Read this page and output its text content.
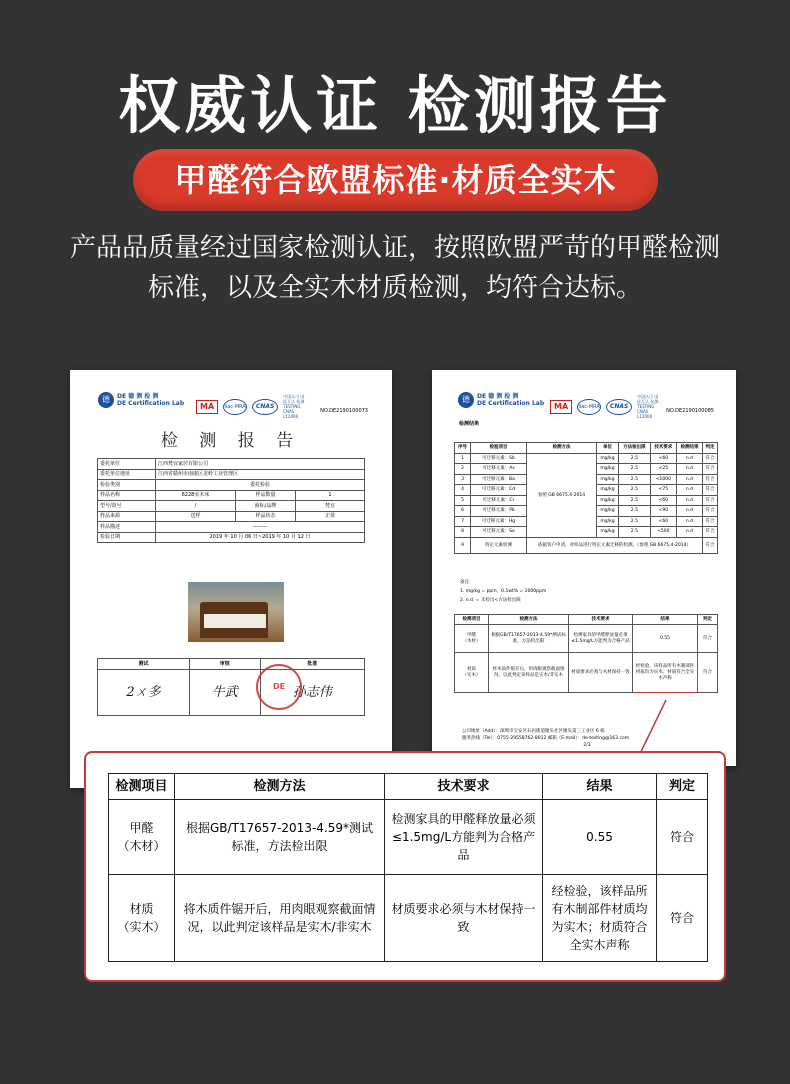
权威认证 检测报告
甲醛符合欧盟标准·材质全实木
产品品质量经过国家检测认证，按照欧盟严苛的甲醛检测
标准，以及全实木材质检测，均符合达标。
德	DE 德 测 检 测
DE Certification Lab	MA	ilac-MRA	CNAS
中国认可 国际互认 检测 TESTING CNAS L12000
NO.DE2190100073
检 测 报 告
委托单位	江西梵宜家居有限公司		
委托单位地址	江西省赣州市南康区龙岭工业管理区		
检验类别	委托检验		
样品名称	6228实木床	样品数量	1
型号/款号	/	商标/品牌	梵宜
样品来源	送样	样品状态	正常
样品描述	--------		
检验日期	2019 年 10 月 06 日~2019 年 10 月 12 日		
测试	审核	批准
2ㄨ多	牛武	孙志伟
DE
德	DE 德 测 检 测
DE Certification Lab	MA	ilac-MRA	CNAS
中国认可 国际互认 检测 TESTING CNAS L12000
NO.DE2190100085
检测结果
序号	检验项目	检测方法	单位	方法检出限	技术要求	检测结果	判定
1	可迁移元素：Sb	参照 GB 6675.4-2014	mg/kg	2.5	<60	n.d	符合
2	可迁移元素：As		mg/kg	2.5	<25	n.d	符合
3	可迁移元素：Ba		mg/kg	2.5	<1000	n.d	符合
4	可迁移元素：Cd		mg/kg	2.5	<75	n.d	符合
5	可迁移元素：Cr		mg/kg	2.5	<60	n.d	符合
6	可迁移元素：Pb		mg/kg	2.5	<90	n.d	符合
7	可迁移元素：Hg		mg/kg	2.5	<60	n.d	符合
8	可迁移元素：Se		mg/kg	2.5	<500	n.d	符合
9	特定元素检测	依据客户申请，对样品进行特定元素迁移的检测。（参照 GB 6675.4-2014）					符合
备注：
1. mg/kg = ppm，0.1wt% = 1000ppm
2. n.d. = 未检出<方法检出限
检测项目	检测方法	技术要求	结果	判定

甲醛
（木材）	根据GB/T17657-2013-4.59*测试标准，方法检出限	检测家具的甲醛释放量必须≤1.5mg/L方能判为合格产品	0.55	符合

材质
（实木）	将木质件锯开后，用肉眼观察截面情况，以此判定该样品是实木/非实木	材质要求必须与木材保持一致	经检验，该样品所有木制部件材质均为实木；材质符合全实木声称	符合
公司地址（Add）：深圳市宝安区石岩街道塘头社区塘头第三工业区 6 栋
服务热线（Tel）：0755-29558762-8012 邮箱（E-mail）：de-testing@163.com
2/3
检测项目	检测方法	技术要求	结果	判定

甲醛
（木材）	根据GB/T17657-2013-4.59*测试标准，方法检出限	检测家具的甲醛释放量必须≤1.5mg/L方能判为合格产品	0.55	符合

材质
（实木）	将木质件锯开后，用肉眼观察截面情况，以此判定该样品是实木/非实木	材质要求必须与木材保持一致	经检验，该样品所有木制部件材质均为实木；材质符合全实木声称	符合
